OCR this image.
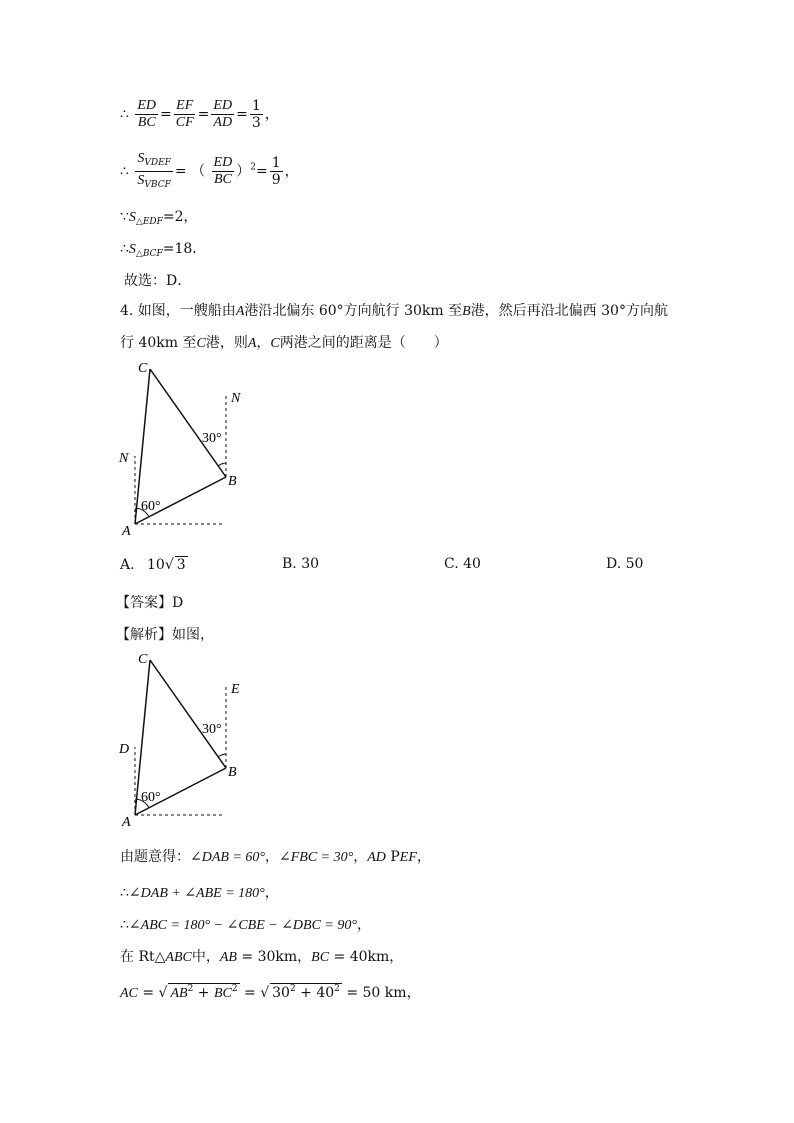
∴ $\frac{ED}{BC} = \frac{EF}{CF} = \frac{ED}{AD} = \frac{1}{3}$ ，
∴ $\frac{S_{VDEF}}{S_{VBCF}}$ = （ $\frac{ED}{BC} )^2= \frac{1}{9}$ ，
$\because S_{\triangle EDF}=2$，
$\therefore S_{\triangle BCF}=18$．
故选：D．
4. 如图，一艘船由A港沿北偏东 60°方向航行 30km 至B港，然后再沿北偏西 30°方向航
行 40km 至C港，则A，C两港之间的距离是（　　）
C
N
30°
N
B
60°
A
A. 10√ 3	B. 30	C. 40	D. 50
【答案】D
【解析】如图，
C
E
30°
D
B
60°
A
由题意得：∠DAB = 60°，∠FBC = 30°，AD PEF，
∴∠DAB + ∠ABE = 180°，
∴∠ABC = 180° − ∠CBE − ∠DBC = 90°，
在 Rt△ABC中，AB = 30km，BC = 40km，
AC = √ $AB^2 + BC^2$ = √ $30^2 + 40^2 = 50$ km，
